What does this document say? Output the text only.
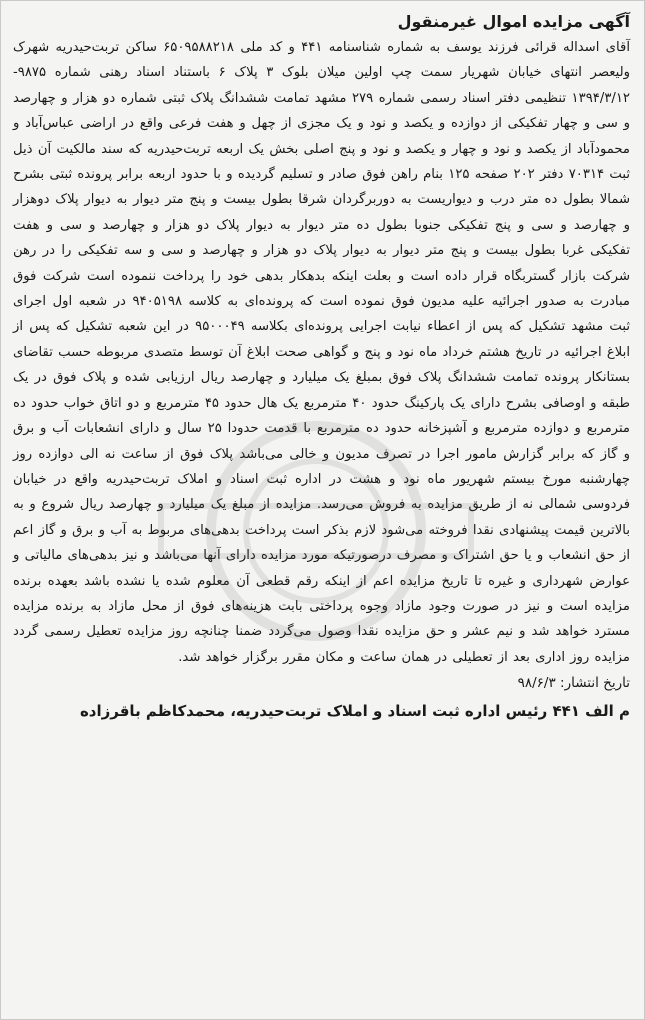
آگهی مزایده اموال غیرمنقول

آقای اسداله قرائی فرزند یوسف به شماره شناسنامه ۴۴۱ و کد ملی ۶۵۰۹۵۸۸۲۱۸ ساکن تربت‌حیدریه شهرک ولیعصر انتهای خیابان شهریار سمت چپ اولین میلان بلوک ۳ پلاک ۶ باستناد اسناد رهنی شماره ۹۸۷۵- ۱۳۹۴/۳/۱۲ تنظیمی دفتر اسناد رسمی شماره ۲۷۹ مشهد تمامت ششدانگ پلاک ثبتی شماره دو هزار و چهارصد و سی و چهار تفکیکی از دوازده و یکصد و نود و یک مجزی از چهل و هفت فرعی واقع در اراضی عباس‌آباد و محمودآباد از یکصد و نود و چهار و یکصد و نود و پنج اصلی بخش یک اربعه تربت‌حیدریه که سند مالکیت آن ذیل ثبت ۷۰۳۱۴ دفتر ۲۰۲ صفحه ۱۲۵ بنام راهن فوق صادر و تسلیم گردیده و با حدود اربعه برابر پرونده ثبتی بشرح شمالا بطول ده متر درب و دیواریست به دوربرگردان شرقا بطول بیست و پنج متر دیوار به دیوار پلاک دوهزار و چهارصد و سی و پنج تفکیکی جنوبا بطول ده متر دیوار به دیوار پلاک دو هزار و چهارصد و سی و هفت تفکیکی غربا بطول بیست و پنج متر دیوار به دیوار پلاک دو هزار و چهارصد و سی و سه تفکیکی را در رهن شرکت بازار گستربگاه قرار داده است و بعلت اینکه بدهکار بدهی خود را پرداخت ننموده است شرکت فوق مبادرت به صدور اجرائیه علیه مدیون فوق نموده است که پرونده‌ای به کلاسه ۹۴۰۵۱۹۸ در شعبه اول اجرای ثبت مشهد تشکیل که پس از اعطاء نیابت اجرایی پرونده‌ای بکلاسه ۹۵۰۰۰۴۹ در این شعبه تشکیل که پس از ابلاغ اجرائیه در تاریخ هشتم خرداد ماه نود و پنج و گواهی صحت ابلاغ آن توسط متصدی مربوطه حسب تقاضای بستانکار پرونده تمامت ششدانگ پلاک فوق بمبلغ یک میلیارد و چهارصد ریال ارزیابی شده و پلاک فوق در یک طبقه و اوصافی بشرح دارای یک پارکینگ حدود ۴۰ مترمربع یک هال حدود ۴۵ مترمربع و دو اتاق خواب حدود ده مترمربع و دوازده مترمربع و آشپزخانه حدود ده مترمربع با قدمت حدودا ۲۵ سال و دارای انشعابات آب و برق و گاز که برابر گزارش مامور اجرا در تصرف مدیون و خالی می‌باشد پلاک فوق از ساعت نه الی دوازده روز چهارشنبه مورخ بیستم شهریور ماه نود و هشت در اداره ثبت اسناد و املاک تربت‌حیدریه واقع در خیابان فردوسی شمالی نه از طریق مزایده به فروش می‌رسد. مزایده از مبلغ یک میلیارد و چهارصد ریال شروع و به بالاترین قیمت پیشنهادی نقدا فروخته می‌شود لازم بذکر است پرداخت بدهی‌های مربوط به آب و برق و گاز اعم از حق انشعاب و یا حق اشتراک و مصرف درصورتیکه مورد مزایده دارای آنها می‌باشد و نیز بدهی‌های مالیاتی و عوارض شهرداری و غیره تا تاریخ مزایده اعم از اینکه رقم قطعی آن معلوم شده یا نشده باشد بعهده برنده مزایده است و نیز در صورت وجود مازاد وجوه پرداختی بابت هزینه‌های فوق از محل مازاد به برنده مزایده مسترد خواهد شد و نیم عشر و حق مزایده نقدا وصول می‌گردد ضمنا چنانچه روز مزایده تعطیل رسمی گردد مزایده روز اداری بعد از تعطیلی در همان ساعت و مکان مقرر برگزار خواهد شد.

تاریخ انتشار: ۹۸/۶/۳

م الف ۴۴۱ رئیس اداره ثبت اسناد و املاک تربت‌حیدریه، محمدکاظم باقرزاده
